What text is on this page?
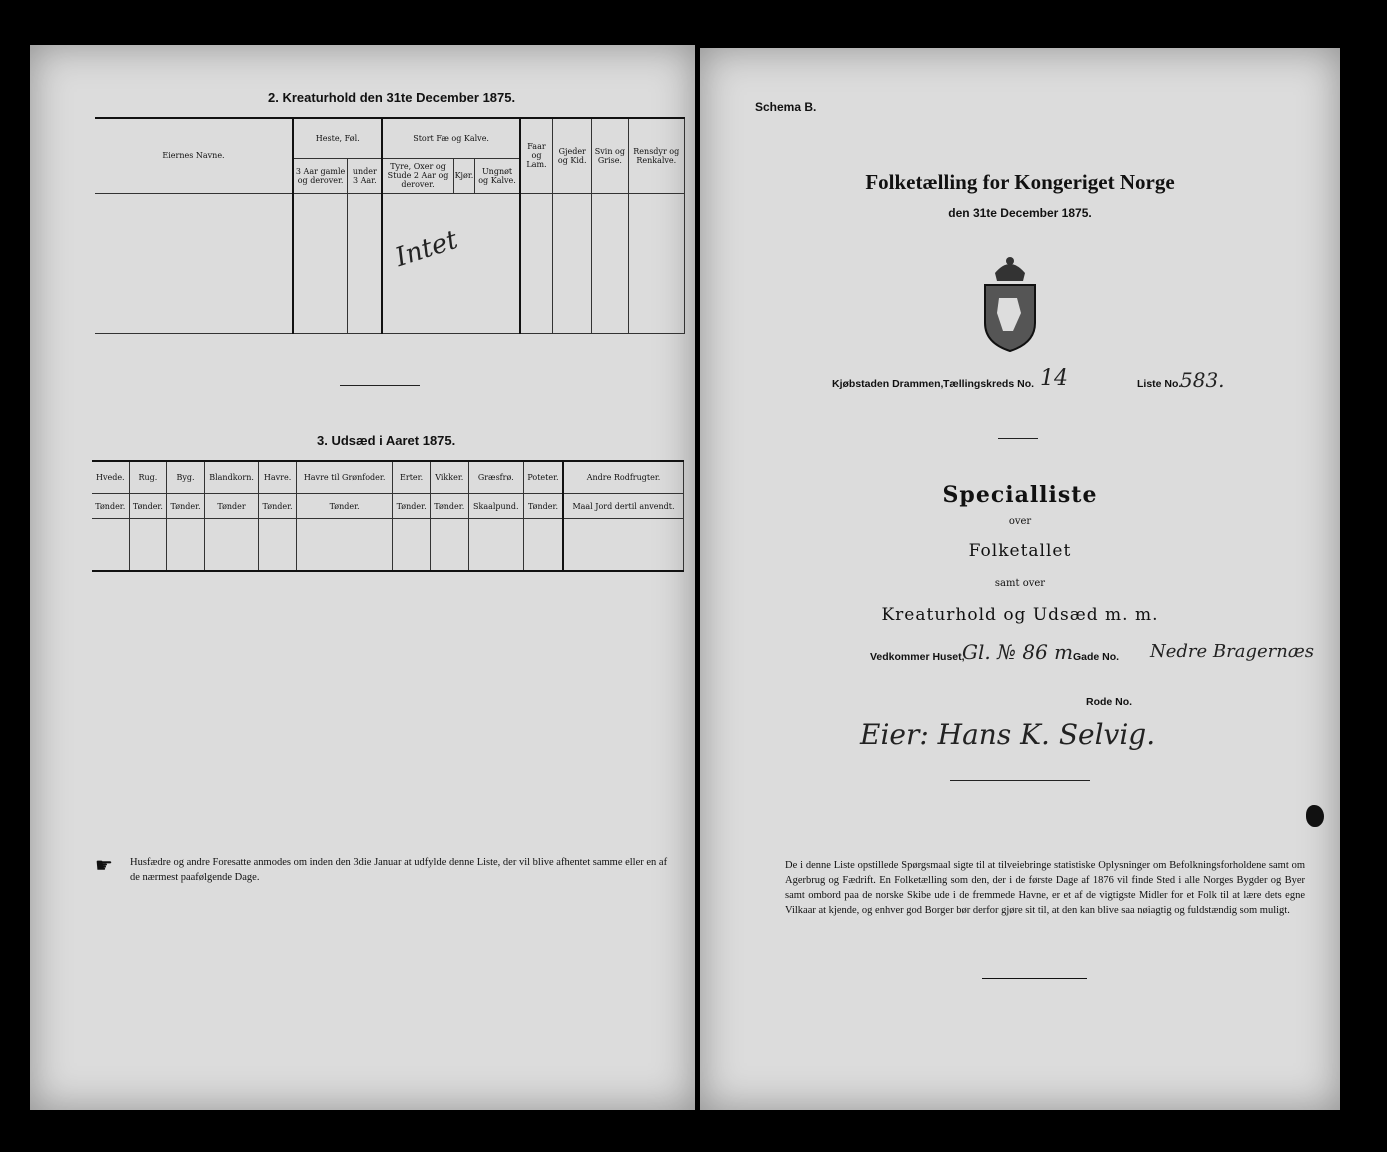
2. Kreaturhold den 31te December 1875.
Eiernes Navne.	Heste, Føl.		Stort Fæ og Kalve.			Faar og Lam.	Gjeder og Kid.	Svin og Grise.	Rensdyr og Renkalve.
	3 Aar gamle og derover.	under 3 Aar.	Tyre, Oxer og Stude 2 Aar og derover.	Kjør.	Ungnøt og Kalve.				

			Intet						

3. Udsæd i Aaret 1875.
Hvede.	Rug.	Byg.	Blandkorn.	Havre.	Havre til Grønfoder.	Erter.	Vikker.	Græsfrø.	Poteter.	Andre Rodfrugter.
Tønder.	Tønder.	Tønder.	Tønder	Tønder.	Tønder.	Tønder.	Tønder.	Skaalpund.	Tønder.	Maal Jord dertil anvendt.

☛ Husfædre og andre Foresatte anmodes om inden den 3die Januar at udfylde denne Liste, der vil blive afhentet samme eller en af de nærmest paafølgende Dage.
Schema B.
Folketælling for Kongeriget Norge
den 31te December 1875.
Kjøbstaden Drammen, Tællingskreds No. 14	Liste No.
583.
Specialliste
over
Folketallet
samt over
Kreaturhold og Udsæd m. m.
Vedkommer Huset,
Gl. № 86 m Gade No. Nedre Bragernæs
Rode No.
Eier: Hans K. Selvig.
De i denne Liste opstillede Spørgsmaal sigte til at tilveiebringe statistiske Oplysninger om Befolkningsforholdene samt om Agerbrug og Fædrift. En Folketælling som den, der i de første Dage af 1876 vil finde Sted i alle Norges Bygder og Byer samt ombord paa de norske Skibe ude i de fremmede Havne, er et af de vigtigste Midler for et Folk til at lære dets egne Vilkaar at kjende, og enhver god Borger bør derfor gjøre sit til, at den kan blive saa nøiagtig og fuldstændig som muligt.
